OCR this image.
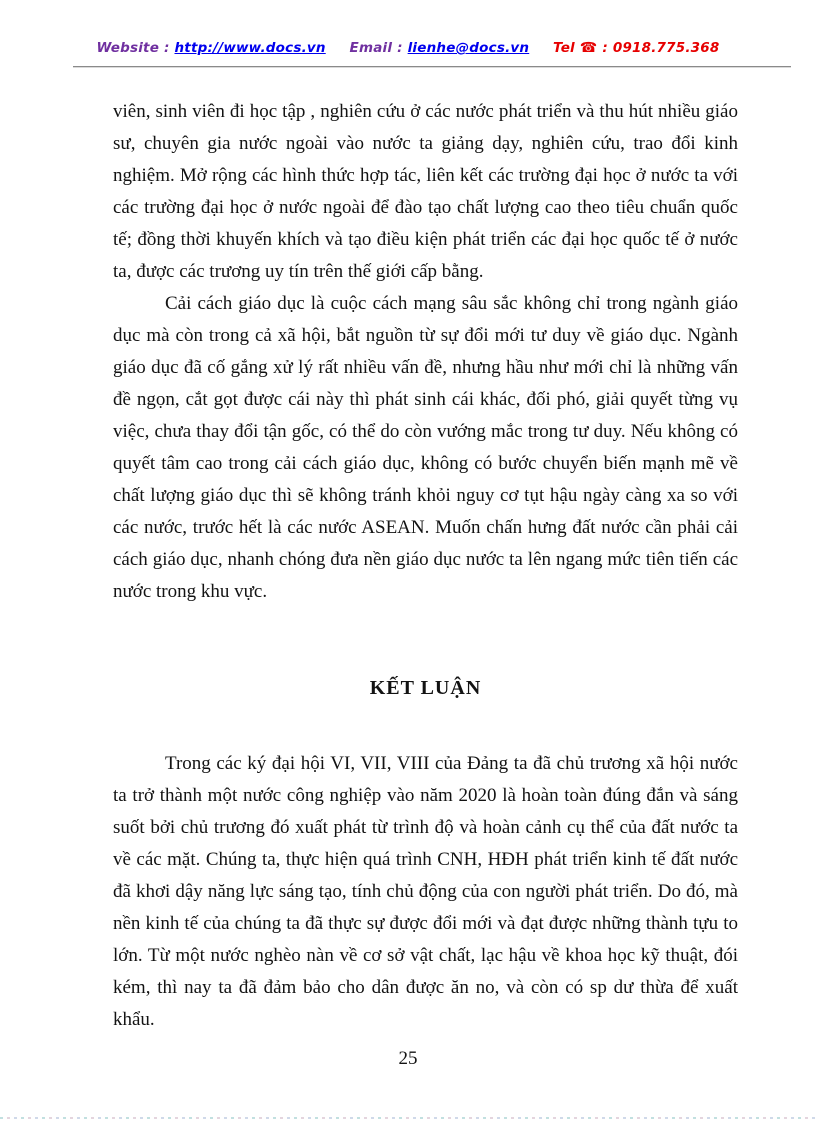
Website : http://www.docs.vn Email : lienhe@docs.vn Tel ☎ : 0918.775.368

viên, sinh viên đi học tập , nghiên cứu ở các nước phát triển và thu hút nhiều giáo sư, chuyên gia nước ngoài vào nước ta giảng dạy, nghiên cứu, trao đổi kinh nghiệm. Mở rộng các hình thức hợp tác, liên kết các trường đại học ở nước ta với các trường đại học ở nước ngoài để đào tạo chất lượng cao theo tiêu chuẩn quốc tế; đồng thời khuyến khích và tạo điều kiện phát triển các đại học quốc tế ở nước ta, được các trương uy tín trên thế giới cấp bằng.

Cải cách giáo dục là cuộc cách mạng sâu sắc không chỉ trong ngành giáo dục mà còn trong cả xã hội, bắt nguồn từ sự đổi mới tư duy về giáo dục. Ngành giáo dục đã cố gắng xử lý rất nhiều vấn đề, nhưng hầu như mới chỉ là những vấn đề ngọn, cắt gọt được cái này thì phát sinh cái khác, đối phó, giải quyết từng vụ việc, chưa thay đổi tận gốc, có thể do còn vướng mắc trong tư duy. Nếu không có quyết tâm cao trong cải cách giáo dục, không có bước chuyển biến mạnh mẽ về chất lượng giáo dục thì sẽ không tránh khỏi nguy cơ tụt hậu ngày càng xa so với các nước, trước hết là các nước ASEAN. Muốn chấn hưng đất nước cần phải cải cách giáo dục, nhanh chóng đưa nền giáo dục nước ta lên ngang mức tiên tiến các nước trong khu vực.

KẾT LUẬN

Trong các ký đại hội VI, VII, VIII của Đảng ta đã chủ trương xã hội nước ta trở thành một nước công nghiệp vào năm 2020 là hoàn toàn đúng đắn và sáng suốt bởi chủ trương đó xuất phát từ trình độ và hoàn cảnh cụ thể của đất nước ta về các mặt. Chúng ta, thực hiện quá trình CNH, HĐH phát triển kinh tế đất nước đã khơi dậy năng lực sáng tạo, tính chủ động của con người phát triển. Do đó, mà nền kinh tế của chúng ta đã thực sự được đổi mới và đạt được những thành tựu to lớn. Từ một nước nghèo nàn về cơ sở vật chất, lạc hậu về khoa học kỹ thuật, đói kém, thì nay ta đã đảm bảo cho dân được ăn no, và còn có sp dư thừa để xuất khẩu.

25
